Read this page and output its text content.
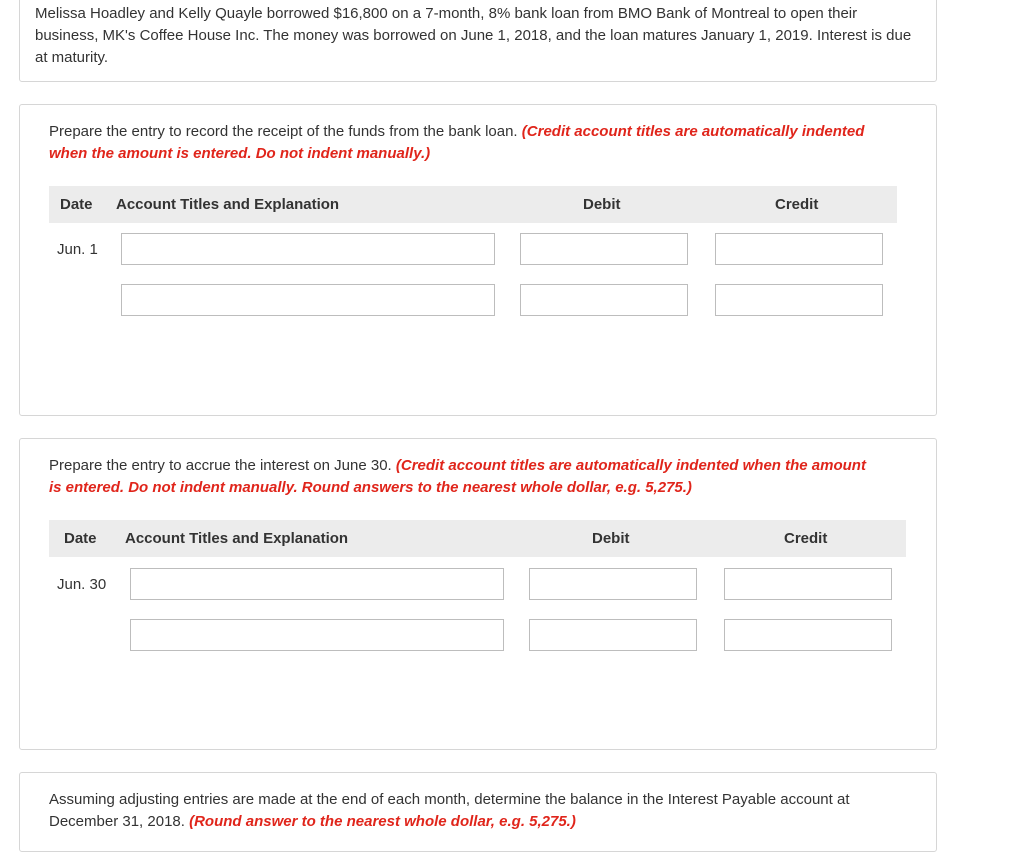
Melissa Hoadley and Kelly Quayle borrowed $16,800 on a 7-month, 8% bank loan from BMO Bank of Montreal to open their business, MK's Coffee House Inc. The money was borrowed on June 1, 2018, and the loan matures January 1, 2019. Interest is due at maturity.
Prepare the entry to record the receipt of the funds from the bank loan. (Credit account titles are automatically indented when the amount is entered. Do not indent manually.)
Date Account Titles and Explanation	Debit	Credit
Jun. 1
Prepare the entry to accrue the interest on June 30. (Credit account titles are automatically indented when the amount is entered. Do not indent manually. Round answers to the nearest whole dollar, e.g. 5,275.)
Date Account Titles and Explanation	Debit	Credit
Jun. 30
Assuming adjusting entries are made at the end of each month, determine the balance in the Interest Payable account at December 31, 2018. (Round answer to the nearest whole dollar, e.g. 5,275.)
